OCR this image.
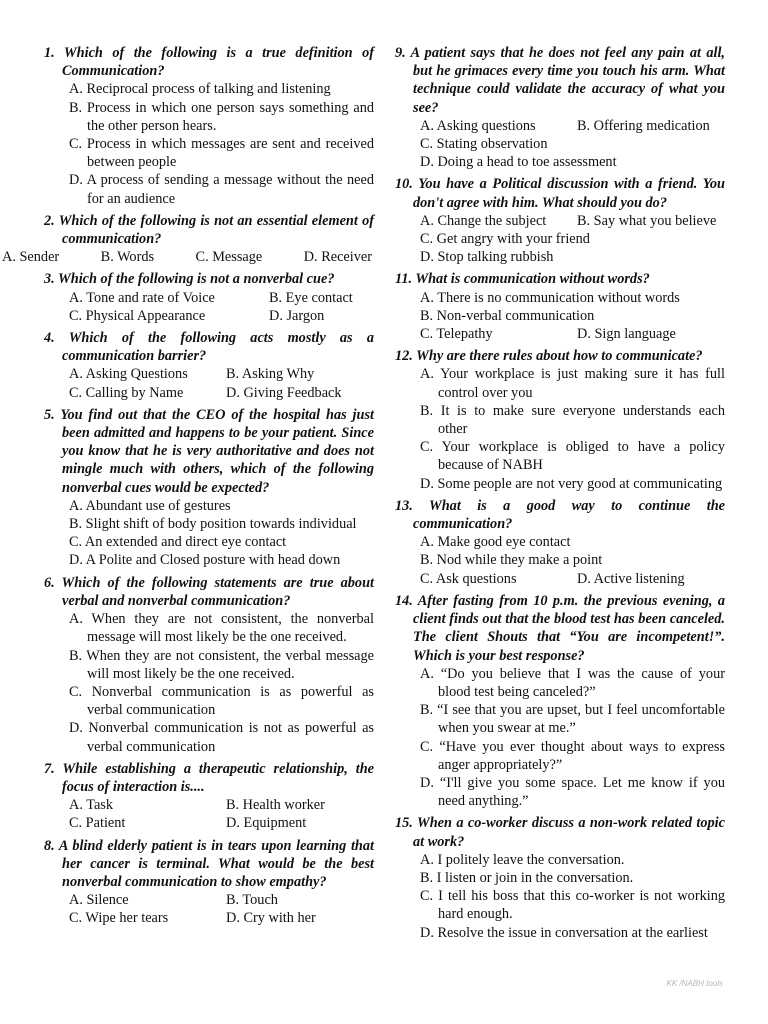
1. Which of the following is a true definition of Communication?

A. Reciprocal process of talking and listening
B. Process in which one person says something and the other person hears.
C. Process in which messages are sent and received between people
D. A process of sending a message without the need for an audience

2. Which of the following is not an essential element of communication?

A. Sender	B. Words	C. Message	D. Receiver

3. Which of the following is not a nonverbal cue?

A. Tone and rate of Voice	B. Eye contact
C. Physical Appearance	D. Jargon

4. Which of the following acts mostly as a communication barrier?

A. Asking Questions	B. Asking Why
C. Calling by Name	D. Giving Feedback

5. You find out that the CEO of the hospital has just been admitted and happens to be your patient. Since you know that he is very authoritative and does not mingle much with others, which of the following nonverbal cues would be expected?

A. Abundant use of gestures
B. Slight shift of body position towards individual
C. An extended and direct eye contact
D. A Polite and Closed posture with head down

6. Which of the following statements are true about verbal and nonverbal communication?

A. When they are not consistent, the nonverbal message will most likely be the one received.
B. When they are not consistent, the verbal message will most likely be the one received.
C. Nonverbal communication is as powerful as verbal communication
D. Nonverbal communication is not as powerful as verbal communication

7. While establishing a therapeutic relationship, the focus of interaction is....

A. Task	B. Health worker
C. Patient	D. Equipment

8. A blind elderly patient is in tears upon learning that her cancer is terminal. What would be the best nonverbal communication to show empathy?

A. Silence	B. Touch
C. Wipe her tears	D. Cry with her

9. A patient says that he does not feel any pain at all, but he grimaces every time you touch his arm. What technique could validate the accuracy of what you see?

A. Asking questions	B. Offering medication
C. Stating observation
D. Doing a head to toe assessment

10. You have a Political discussion with a friend. You don't agree with him. What should you do?

A. Change the subject	B. Say what you believe
C. Get angry with your friend
D. Stop talking rubbish

11. What is communication without words?

A. There is no communication without words
B. Non-verbal communication
C. Telepathy	D. Sign language

12. Why are there rules about how to communicate?

A. Your workplace is just making sure it has full control over you
B. It is to make sure everyone understands each other
C. Your workplace is obliged to have a policy because of NABH
D. Some people are not very good at communicating

13. What is a good way to continue the communication?

A. Make good eye contact
B. Nod while they make a point
C. Ask questions	D. Active listening

14. After fasting from 10 p.m. the previous evening, a client finds out that the blood test has been canceled. The client Shouts that “You are incompetent!”. Which is your best response?

A. “Do you believe that I was the cause of your blood test being canceled?”
B. “I see that you are upset, but I feel uncomfortable when you swear at me.”
C. “Have you ever thought about ways to express anger appropriately?”
D. “I'll give you some space. Let me know if you need anything.”

15. When a co-worker discuss a non-work related topic at work?

A. I politely leave the conversation.
B. I listen or join in the conversation.
C. I tell his boss that this co-worker is not working hard enough.
D. Resolve the issue in conversation at the earliest
KK /NABH tools
